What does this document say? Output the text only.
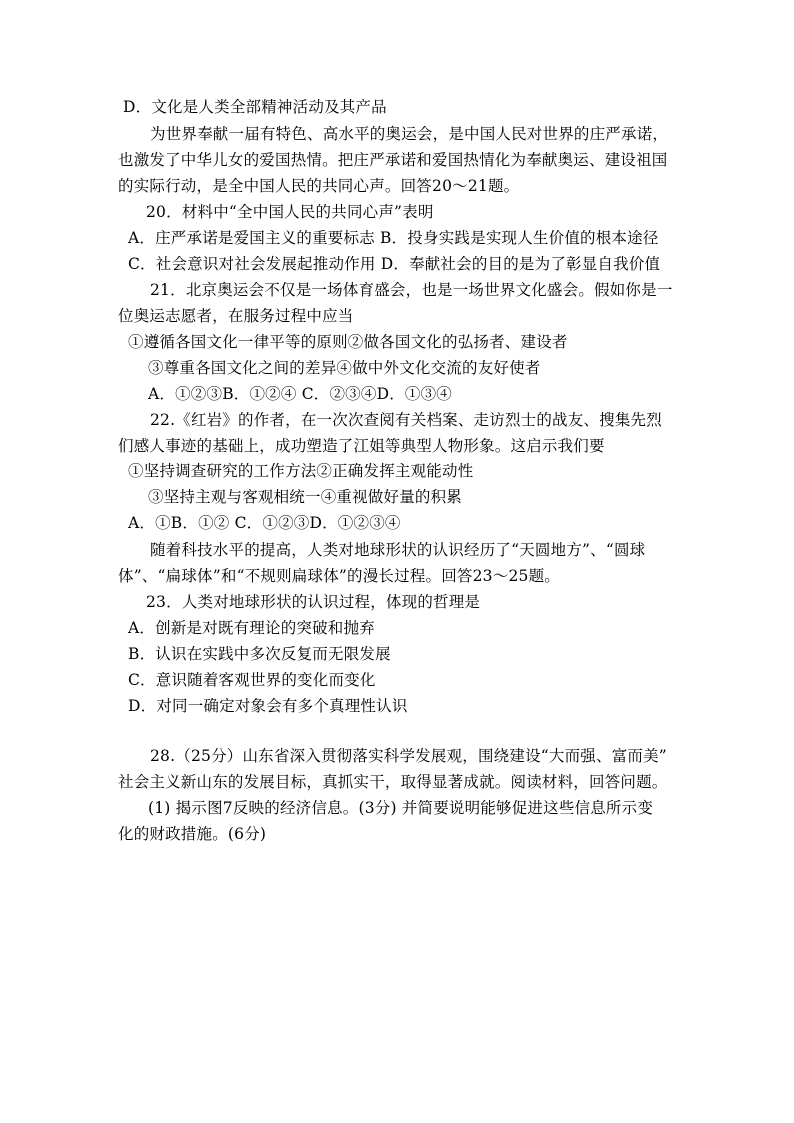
D．文化是人类全部精神活动及其产品
为世界奉献一届有特色、高水平的奥运会，是中国人民对世界的庄严承诺，
也激发了中华儿女的爱国热情。把庄严承诺和爱国热情化为奉献奥运、建设祖国
的实际行动，是全中国人民的共同心声。回答20～21题。
20．材料中“全中国人民的共同心声”表明
A．庄严承诺是爱国主义的重要标志 B．投身实践是实现人生价值的根本途径
C．社会意识对社会发展起推动作用 D．奉献社会的目的是为了彰显自我价值
21．北京奥运会不仅是一场体育盛会，也是一场世界文化盛会。假如你是一
位奥运志愿者，在服务过程中应当
①遵循各国文化一律平等的原则②做各国文化的弘扬者、建设者
③尊重各国文化之间的差异④做中外文化交流的友好使者
A．①②③B．①②④ C．②③④D．①③④
22.《红岩》的作者，在一次次查阅有关档案、走访烈士的战友、搜集先烈
们感人事迹的基础上，成功塑造了江姐等典型人物形象。这启示我们要
①坚持调查研究的工作方法②正确发挥主观能动性
③坚持主观与客观相统一④重视做好量的积累
A．①B．①② C．①②③D．①②③④
随着科技水平的提高，人类对地球形状的认识经历了“天圆地方”、“圆球
体”、“扁球体”和“不规则扁球体”的漫长过程。回答23～25题。
23．人类对地球形状的认识过程，体现的哲理是
A．创新是对既有理论的突破和抛弃
B．认识在实践中多次反复而无限发展
C．意识随着客观世界的变化而变化
D．对同一确定对象会有多个真理性认识
28.（25分）山东省深入贯彻落实科学发展观，围绕建设“大而强、富而美”
社会主义新山东的发展目标，真抓实干，取得显著成就。阅读材料，回答问题。
(1) 揭示图7反映的经济信息。(3分) 并简要说明能够促进这些信息所示变
化的财政措施。(6分)
